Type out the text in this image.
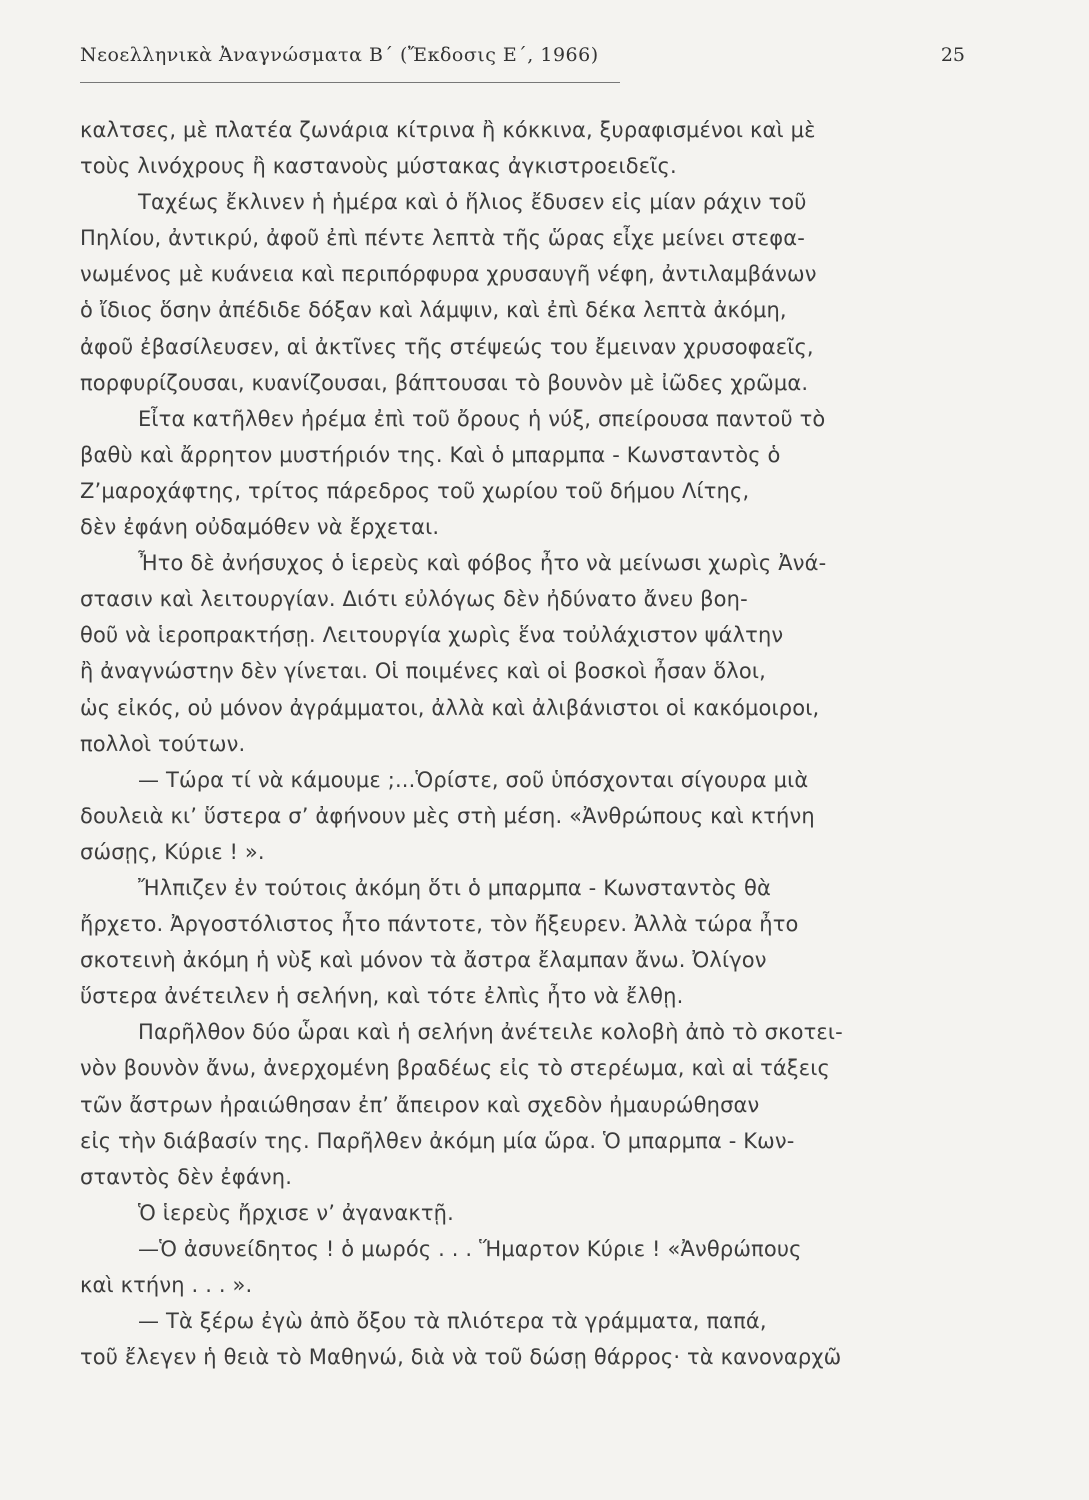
Νεοελληνικὰ Ἀναγνώσματα Β΄ (Ἔκδοσις Ε΄, 1966)	25
καλτσες, μὲ πλατέα ζωνάρια κίτρινα ἢ κόκκινα, ξυραφισμένοι καὶ μὲ
τοὺς λινόχρους ἢ καστανοὺς μύστακας ἀγκιστροειδεῖς.
Ταχέως ἔκλινεν ἡ ἡμέρα καὶ ὁ ἥλιος ἔδυσεν εἰς μίαν ράχιν τοῦ
Πηλίου, ἀντικρύ, ἀφοῦ ἐπὶ πέντε λεπτὰ τῆς ὥρας εἶχε μείνει στεφα-
νωμένος μὲ κυάνεια καὶ περιπόρφυρα χρυσαυγῆ νέφη, ἀντιλαμβάνων
ὁ ἴδιος ὅσην ἀπέδιδε δόξαν καὶ λάμψιν, καὶ ἐπὶ δέκα λεπτὰ ἀκόμη,
ἀφοῦ ἐβασίλευσεν, αἱ ἀκτῖνες τῆς στέψεώς του ἔμειναν χρυσοφαεῖς,
πορφυρίζουσαι, κυανίζουσαι, βάπτουσαι τὸ βουνὸν μὲ ἰῶδες χρῶμα.
Εἶτα κατῆλθεν ἠρέμα ἐπὶ τοῦ ὄρους ἡ νύξ, σπείρουσα παντοῦ τὸ
βαθὺ καὶ ἄρρητον μυστήριόν της. Καὶ ὁ μπαρμπα - Κωνσταντὸς ὁ
Ζ’μαροχάφτης, τρίτος πάρεδρος τοῦ χωρίου τοῦ δήμου Λίτης,
δὲν ἐφάνη οὐδαμόθεν νὰ ἔρχεται.
Ἦτο δὲ ἀνήσυχος ὁ ἱερεὺς καὶ φόβος ἦτο νὰ μείνωσι χωρὶς Ἀνά-
στασιν καὶ λειτουργίαν. Διότι εὐλόγως δὲν ἠδύνατο ἄνευ βοη-
θοῦ νὰ ἱεροπρακτήσῃ. Λειτουργία χωρὶς ἕνα τοὐλάχιστον ψάλτην
ἢ ἀναγνώστην δὲν γίνεται. Οἱ ποιμένες καὶ οἱ βοσκοὶ ἦσαν ὅλοι,
ὡς εἰκός, οὐ μόνον ἀγράμματοι, ἀλλὰ καὶ ἀλιβάνιστοι οἱ κακόμοιροι,
πολλοὶ τούτων.
— Τώρα τί νὰ κάμουμε ;...Ὁρίστε, σοῦ ὑπόσχονται σίγουρα μιὰ
δουλειὰ κι’ ὕστερα σ’ ἀφήνουν μὲς στὴ μέση. «Ἀνθρώπους καὶ κτήνη
σώσῃς, Κύριε ! ».
Ἤλπιζεν ἐν τούτοις ἀκόμη ὅτι ὁ μπαρμπα - Κωνσταντὸς θὰ
ἤρχετο. Ἀργοστόλιστος ἦτο πάντοτε, τὸν ἤξευρεν. Ἀλλὰ τώρα ἦτο
σκοτεινὴ ἀκόμη ἡ νὺξ καὶ μόνον τὰ ἄστρα ἔλαμπαν ἄνω. Ὀλίγον
ὕστερα ἀνέτειλεν ἡ σελήνη, καὶ τότε ἐλπὶς ἦτο νὰ ἔλθῃ.
Παρῆλθον δύο ὧραι καὶ ἡ σελήνη ἀνέτειλε κολοβὴ ἀπὸ τὸ σκοτει-
νὸν βουνὸν ἄνω, ἀνερχομένη βραδέως εἰς τὸ στερέωμα, καὶ αἱ τάξεις
τῶν ἄστρων ἠραιώθησαν ἐπ’ ἄπειρον καὶ σχεδὸν ἠμαυρώθησαν
εἰς τὴν διάβασίν της. Παρῆλθεν ἀκόμη μία ὥρα. Ὁ μπαρμπα - Κων-
σταντὸς δὲν ἐφάνη.
Ὁ ἱερεὺς ἤρχισε ν’ ἀγανακτῇ.
—Ὁ ἀσυνείδητος ! ὁ μωρός . . . Ἥμαρτον Κύριε ! «Ἀνθρώπους
καὶ κτήνη . . . ».
— Τὰ ξέρω ἐγὼ ἀπὸ ὄξου τὰ πλιότερα τὰ γράμματα, παπά,
τοῦ ἔλεγεν ἡ θειὰ τὸ Μαθηνώ, διὰ νὰ τοῦ δώσῃ θάρρος· τὰ κανοναρχῶ
